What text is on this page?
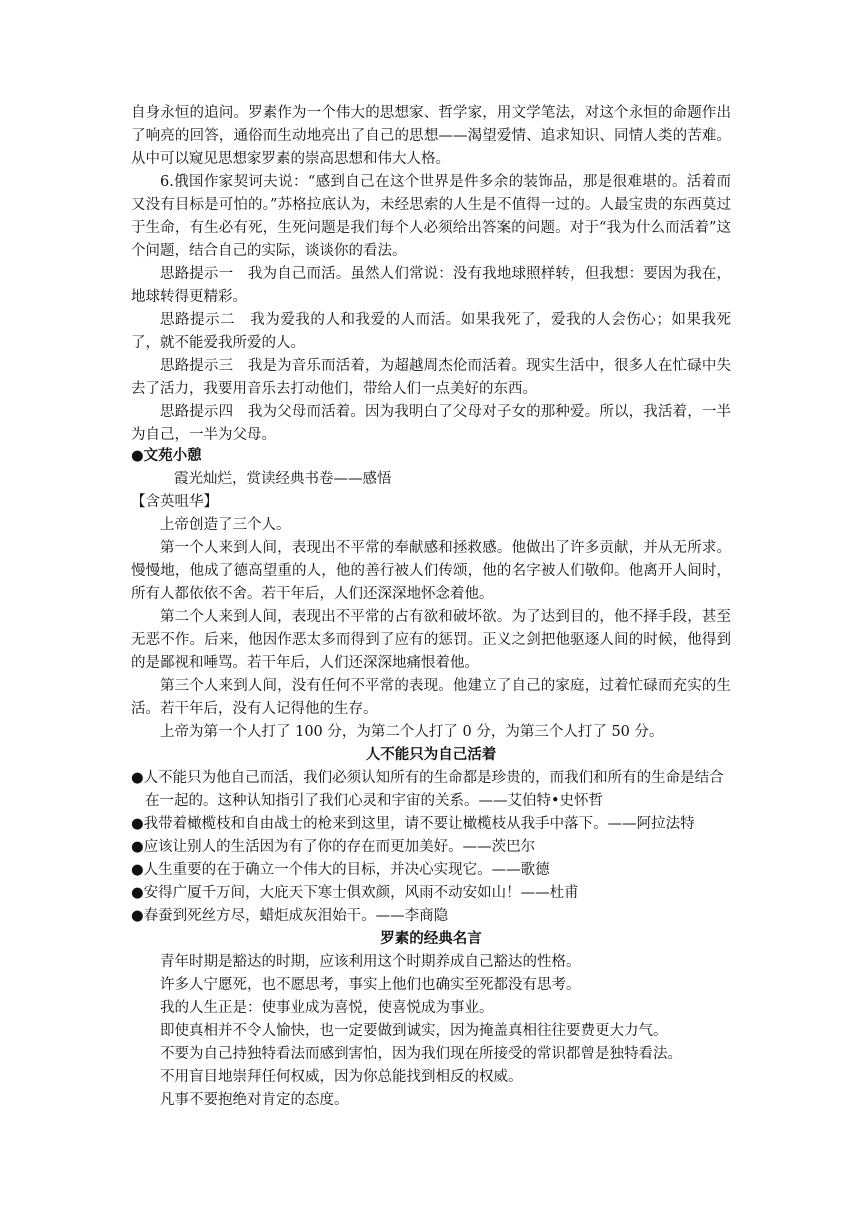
自身永恒的追问。罗素作为一个伟大的思想家、哲学家，用文学笔法，对这个永恒的命题作出了响亮的回答，通俗而生动地亮出了自己的思想——渴望爱情、追求知识、同情人类的苦难。从中可以窥见思想家罗素的崇高思想和伟大人格。

6.俄国作家契诃夫说：“感到自己在这个世界是件多余的装饰品，那是很难堪的。活着而又没有目标是可怕的。”苏格拉底认为，未经思索的人生是不值得一过的。人最宝贵的东西莫过于生命，有生必有死，生死问题是我们每个人必须给出答案的问题。对于“我为什么而活着”这个问题，结合自己的实际，谈谈你的看法。

思路提示一　我为自己而活。虽然人们常说：没有我地球照样转，但我想：要因为我在，地球转得更精彩。

思路提示二　我为爱我的人和我爱的人而活。如果我死了，爱我的人会伤心；如果我死了，就不能爱我所爱的人。

思路提示三　我是为音乐而活着，为超越周杰伦而活着。现实生活中，很多人在忙碌中失去了活力，我要用音乐去打动他们，带给人们一点美好的东西。

思路提示四　我为父母而活着。因为我明白了父母对子女的那种爱。所以，我活着，一半为自己，一半为父母。

●文苑小憩

霞光灿烂，赏读经典书卷——感悟

【含英咀华】

上帝创造了三个人。

第一个人来到人间，表现出不平常的奉献感和拯救感。他做出了许多贡献，并从无所求。慢慢地，他成了德高望重的人，他的善行被人们传颂，他的名字被人们敬仰。他离开人间时，所有人都依依不舍。若干年后，人们还深深地怀念着他。

第二个人来到人间，表现出不平常的占有欲和破坏欲。为了达到目的，他不择手段，甚至无恶不作。后来，他因作恶太多而得到了应有的惩罚。正义之剑把他驱逐人间的时候，他得到的是鄙视和唾骂。若干年后，人们还深深地痛恨着他。

第三个人来到人间，没有任何不平常的表现。他建立了自己的家庭，过着忙碌而充实的生活。若干年后，没有人记得他的生存。

上帝为第一个人打了 100 分，为第二个人打了 0 分，为第三个人打了 50 分。

人不能只为自己活着

●人不能只为他自己而活，我们必须认知所有的生命都是珍贵的，而我们和所有的生命是结合在一起的。这种认知指引了我们心灵和宇宙的关系。——艾伯特•史怀哲

●我带着橄榄枝和自由战士的枪来到这里，请不要让橄榄枝从我手中落下。——阿拉法特

●应该让别人的生活因为有了你的存在而更加美好。——茨巴尔

●人生重要的在于确立一个伟大的目标，并决心实现它。——歌德

●安得广厦千万间，大庇天下寒士俱欢颜，风雨不动安如山！——杜甫

●春蚕到死丝方尽，蜡炬成灰泪始干。——李商隐

罗素的经典名言

青年时期是豁达的时期，应该利用这个时期养成自己豁达的性格。

许多人宁愿死，也不愿思考，事实上他们也确实至死都没有思考。

我的人生正是：使事业成为喜悦，使喜悦成为事业。

即使真相并不令人愉快，也一定要做到诚实，因为掩盖真相往往要费更大力气。

不要为自己持独特看法而感到害怕，因为我们现在所接受的常识都曾是独特看法。

不用盲目地崇拜任何权威，因为你总能找到相反的权威。

凡事不要抱绝对肯定的态度。
